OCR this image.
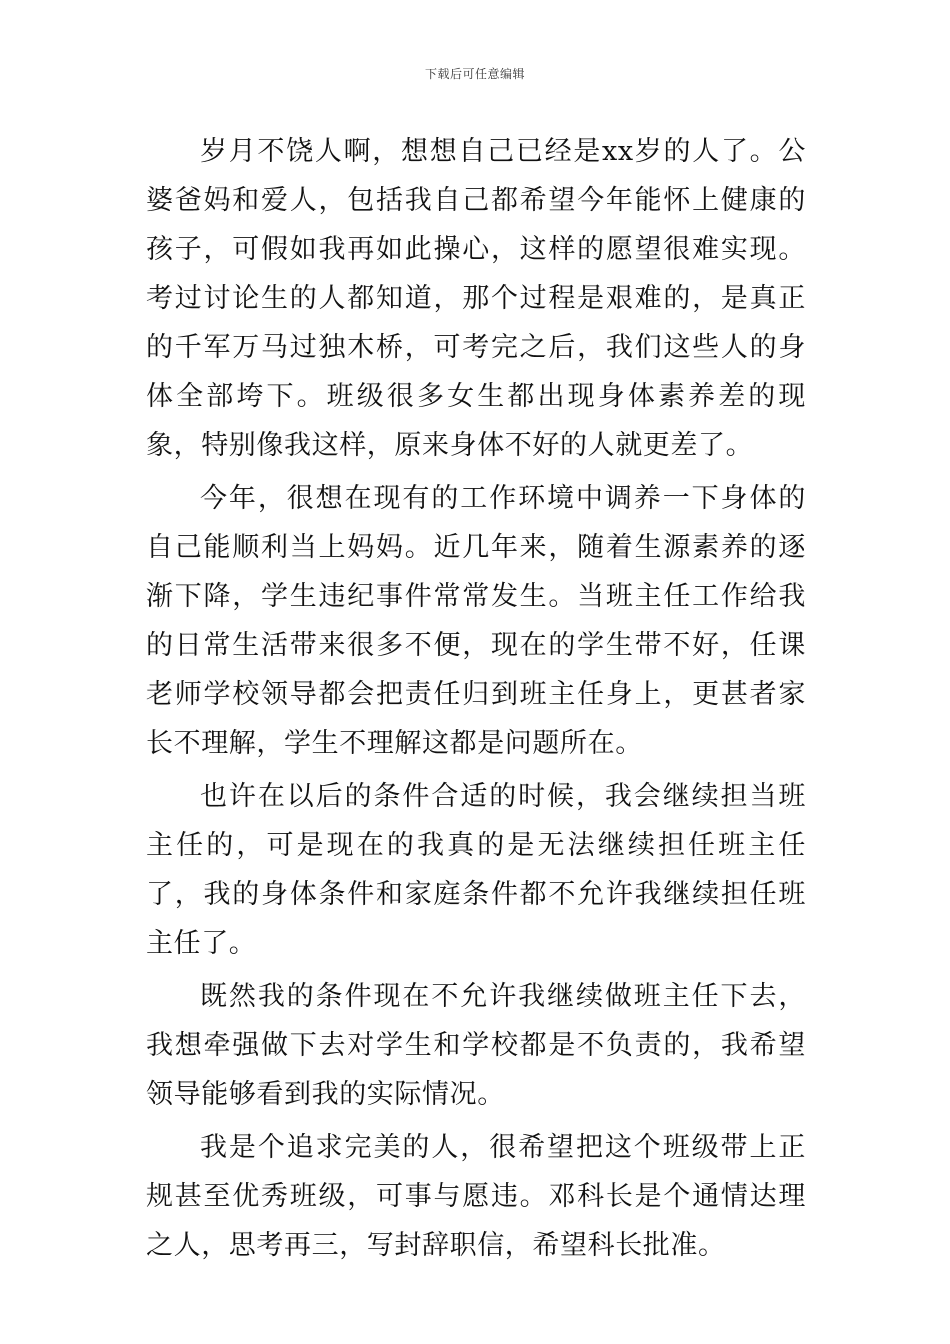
下载后可任意编辑

岁月不饶人啊，想想自己已经是xx岁的人了。公婆爸妈和爱人，包括我自己都希望今年能怀上健康的孩子，可假如我再如此操心，这样的愿望很难实现。考过讨论生的人都知道，那个过程是艰难的，是真正的千军万马过独木桥，可考完之后，我们这些人的身体全部垮下。班级很多女生都出现身体素养差的现象，特别像我这样，原来身体不好的人就更差了。

今年，很想在现有的工作环境中调养一下身体的自己能顺利当上妈妈。近几年来，随着生源素养的逐渐下降，学生违纪事件常常发生。当班主任工作给我的日常生活带来很多不便，现在的学生带不好，任课老师学校领导都会把责任归到班主任身上，更甚者家长不理解，学生不理解这都是问题所在。

也许在以后的条件合适的时候，我会继续担当班主任的，可是现在的我真的是无法继续担任班主任了，我的身体条件和家庭条件都不允许我继续担任班主任了。

既然我的条件现在不允许我继续做班主任下去，我想牵强做下去对学生和学校都是不负责的，我希望领导能够看到我的实际情况。

我是个追求完美的人，很希望把这个班级带上正规甚至优秀班级，可事与愿违。邓科长是个通情达理之人，思考再三，写封辞职信，希望科长批准。
